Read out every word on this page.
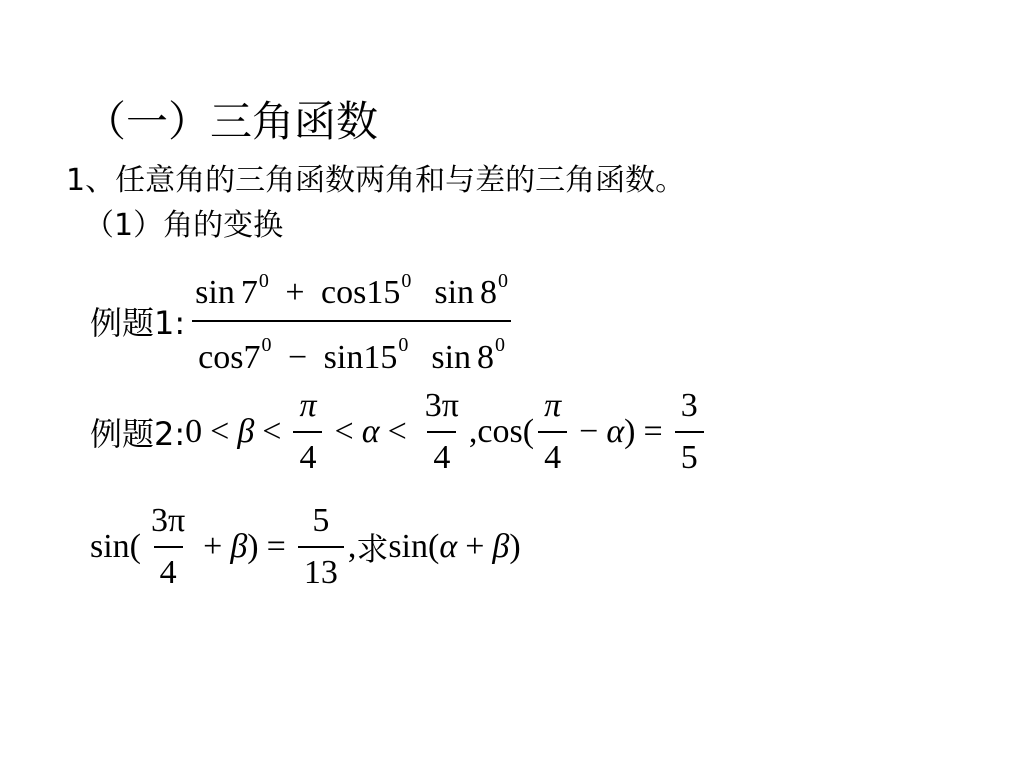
（一）三角函数
1、任意角的三角函数两角和与差的三角函数。
（1）角的变换
例题1: $\frac{\sin 7^0 + \cos 15^0 \sin 8^0}{\cos 7^0 - \sin 15^0 \sin 8^0}$
例题2: $0 < \beta < \frac{\pi}{4} < \alpha < \frac{3\pi}{4}$ , $\cos( \frac{\pi}{4} - \alpha$ ) = $\frac{3}{5}$
$\sin( \frac{3\pi}{4} + \beta$ ) = $\frac{5}{13}$ , 求 sin( α + β )
